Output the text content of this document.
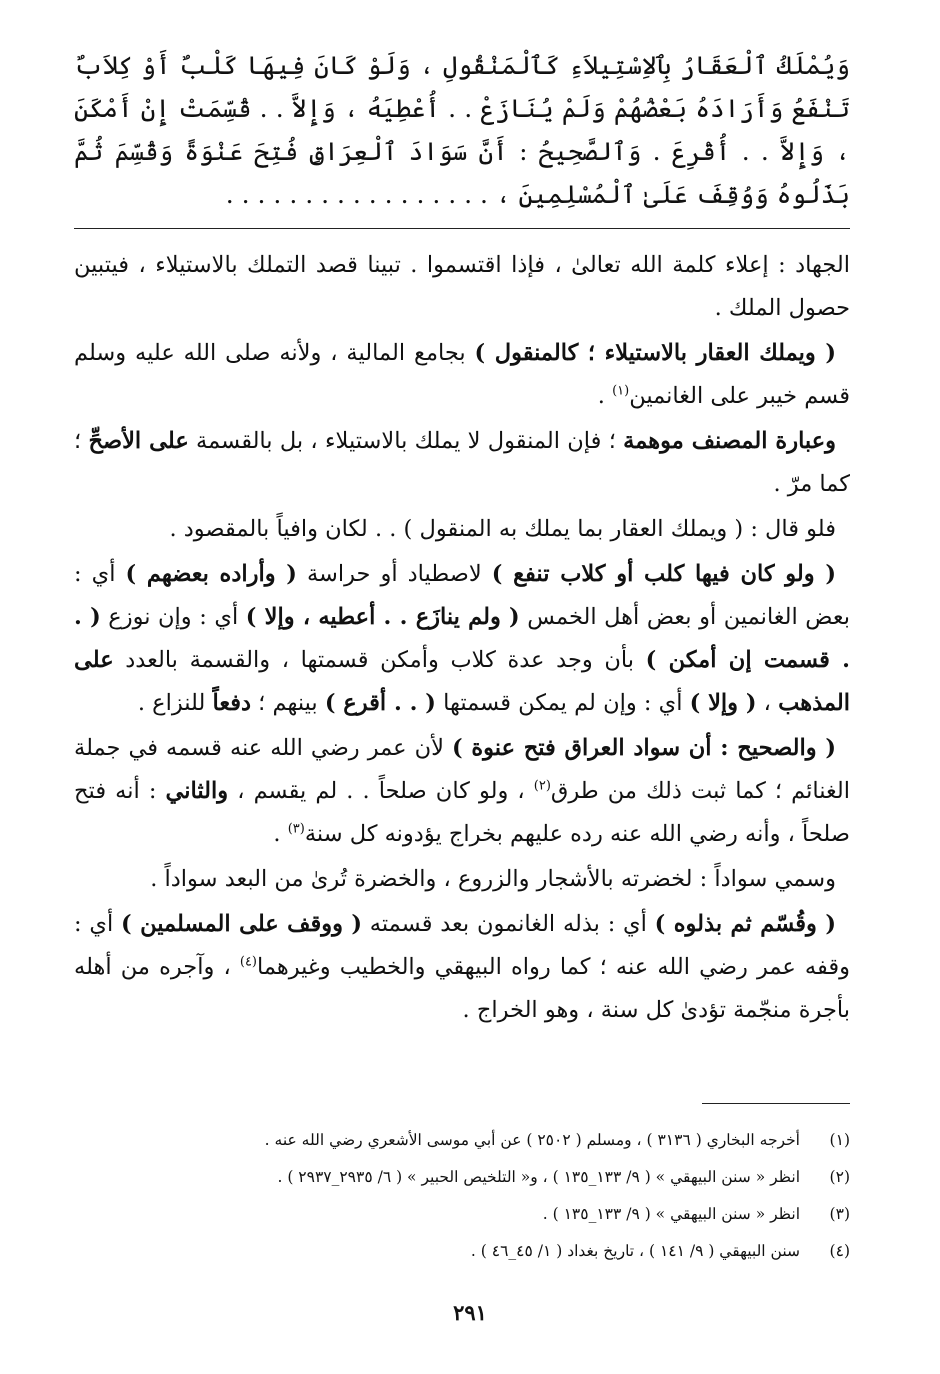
وَيُمْلَكُ ٱلْعَقَارُ بِٱلاِسْتِيلاَءِ كَٱلْمَنْقُولِ ، وَلَوْ كَانَ فِيهَا كَلْبٌ أَوْ كِلاَبٌ تَنْفَعُ وَأَرَادَهُ بَعْضُهُمْ وَلَمْ يُنَازَعْ . . أُعْطِيَهُ ، وَإِلاَّ . . قُسِّمَتْ إِنْ أَمْكَنَ ، وَإِلاَّ . . أُقْرِعَ . وَٱلصَّحِيحُ : أَنَّ سَوَادَ ٱلْعِرَاقِ فُتِحَ عَنْوَةً وَقُسِّمَ ثُمَّ بَذَلُوهُ وَوُقِفَ عَلَىٰ ٱلْمُسْلِمِينَ ، . . . . . . . . . . . . . . . . .

الجهاد : إعلاء كلمة الله تعالىٰ ، فإذا اقتسموا . تبينا قصد التملك بالاستيلاء ، فيتبين حصول الملك .

( ويملك العقار بالاستيلاء ؛ كالمنقول ) بجامع المالية ، ولأنه صلى الله عليه وسلم قسم خيبر على الغانمين$^{(١)}$ .

وعبارة المصنف موهمة ؛ فإن المنقول لا يملك بالاستيلاء ، بل بالقسمة على الأصحِّ ؛ كما مرّ .

فلو قال : ( ويملك العقار بما يملك به المنقول ) . . لكان وافياً بالمقصود .

( ولو كان فيها كلب أو كلاب تنفع ) لاصطياد أو حراسة ( وأراده بعضهم ) أي : بعض الغانمين أو بعض أهل الخمس ( ولم ينازَع . . أعطيه ، وإلا ) أي : وإن نوزع ( . . قسمت إن أمكن ) بأن وجد عدة كلاب وأمكن قسمتها ، والقسمة بالعدد على المذهب ، ( وإلا ) أي : وإن لم يمكن قسمتها ( . . أقرع ) بينهم ؛ دفعاً للنزاع .

( والصحيح : أن سواد العراق فتح عنوة ) لأن عمر رضي الله عنه قسمه في جملة الغنائم ؛ كما ثبت ذلك من طرق$^{(٢)}$ ، ولو كان صلحاً . . لم يقسم ، والثاني : أنه فتح صلحاً ، وأنه رضي الله عنه رده عليهم بخراج يؤدونه كل سنة$^{(٣)}$ .

وسمي سواداً : لخضرته بالأشجار والزروع ، والخضرة تُرىٰ من البعد سواداً .

( وقُسّم ثم بذلوه ) أي : بذله الغانمون بعد قسمته ( ووقف على المسلمين ) أي : وقفه عمر رضي الله عنه ؛ كما رواه البيهقي والخطيب وغيرهما$^{(٤)}$ ، وآجره من أهله بأجرة منجّمة تؤدىٰ كل سنة ، وهو الخراج .

(١)
أخرجه البخاري ( ٣١٣٦ ) ، ومسلم ( ٢٥٠٢ ) عن أبي موسى الأشعري رضي الله عنه .
(٢)
انظر « سنن البيهقي » ( ٩/ ١٣٣_١٣٥ ) ، و« التلخيص الحبير » ( ٦/ ٢٩٣٥_٢٩٣٧ ) .
(٣)
انظر « سنن البيهقي » ( ٩/ ١٣٣_١٣٥ ) .
(٤)
سنن البيهقي ( ٩/ ١٤١ ) ، تاريخ بغداد ( ١/ ٤٥_٤٦ ) .
٢٩١
